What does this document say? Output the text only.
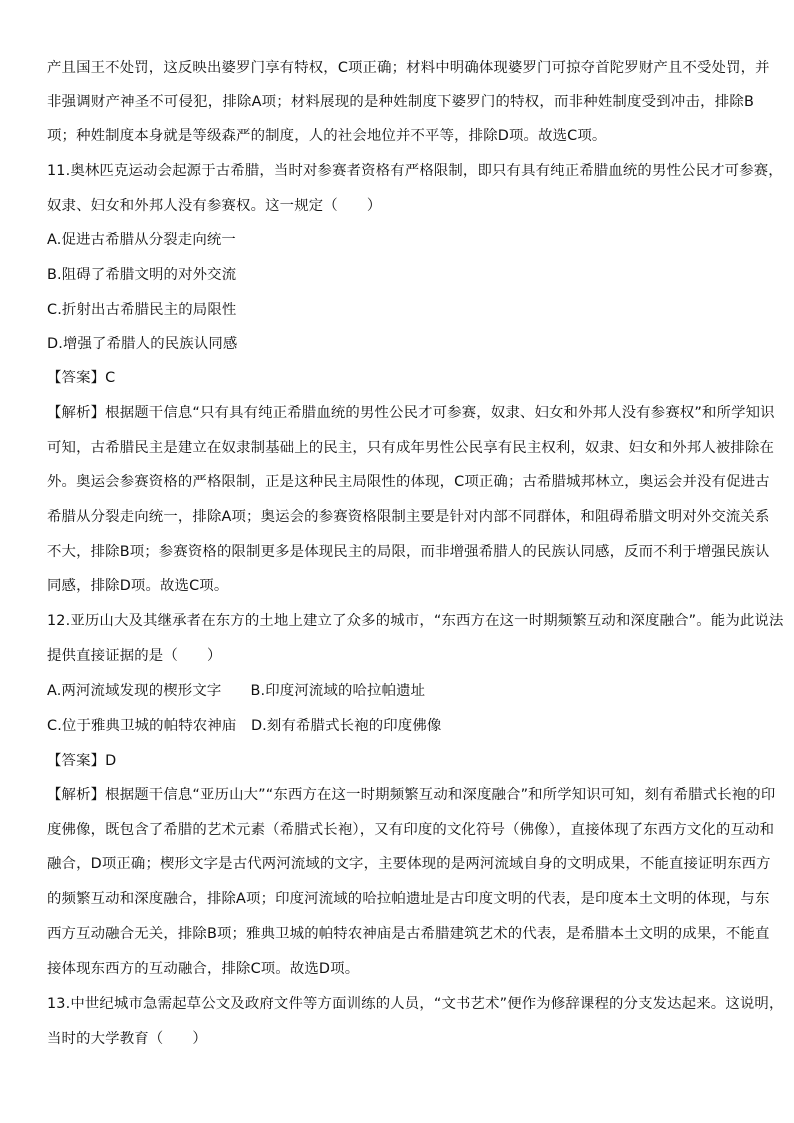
产且国王不处罚，这反映出婆罗门享有特权，C项正确；材料中明确体现婆罗门可掠夺首陀罗财产且不受处罚，并
非强调财产神圣不可侵犯，排除A项；材料展现的是种姓制度下婆罗门的特权，而非种姓制度受到冲击，排除B
项；种姓制度本身就是等级森严的制度，人的社会地位并不平等，排除D项。故选C项。
11.奥林匹克运动会起源于古希腊，当时对参赛者资格有严格限制，即只有具有纯正希腊血统的男性公民才可参赛，
奴隶、妇女和外邦人没有参赛权。这一规定（　　）
A.促进古希腊从分裂走向统一
B.阻碍了希腊文明的对外交流
C.折射出古希腊民主的局限性
D.增强了希腊人的民族认同感
【答案】C
【解析】根据题干信息“只有具有纯正希腊血统的男性公民才可参赛，奴隶、妇女和外邦人没有参赛权”和所学知识
可知，古希腊民主是建立在奴隶制基础上的民主，只有成年男性公民享有民主权利，奴隶、妇女和外邦人被排除在
外。奥运会参赛资格的严格限制，正是这种民主局限性的体现，C项正确；古希腊城邦林立，奥运会并没有促进古
希腊从分裂走向统一，排除A项；奥运会的参赛资格限制主要是针对内部不同群体，和阻碍希腊文明对外交流关系
不大，排除B项；参赛资格的限制更多是体现民主的局限，而非增强希腊人的民族认同感，反而不利于增强民族认
同感，排除D项。故选C项。
12.亚历山大及其继承者在东方的土地上建立了众多的城市，“东西方在这一时期频繁互动和深度融合”。能为此说法
提供直接证据的是（　　）
A.两河流域发现的楔形文字　　B.印度河流域的哈拉帕遗址
C.位于雅典卫城的帕特农神庙　D.刻有希腊式长袍的印度佛像
【答案】D
【解析】根据题干信息“亚历山大”“东西方在这一时期频繁互动和深度融合”和所学知识可知，刻有希腊式长袍的印
度佛像，既包含了希腊的艺术元素（希腊式长袍），又有印度的文化符号（佛像），直接体现了东西方文化的互动和
融合，D项正确；楔形文字是古代两河流域的文字，主要体现的是两河流域自身的文明成果，不能直接证明东西方
的频繁互动和深度融合，排除A项；印度河流域的哈拉帕遗址是古印度文明的代表，是印度本土文明的体现，与东
西方互动融合无关，排除B项；雅典卫城的帕特农神庙是古希腊建筑艺术的代表，是希腊本土文明的成果，不能直
接体现东西方的互动融合，排除C项。故选D项。
13.中世纪城市急需起草公文及政府文件等方面训练的人员，“文书艺术”便作为修辞课程的分支发达起来。这说明，
当时的大学教育（　　）
